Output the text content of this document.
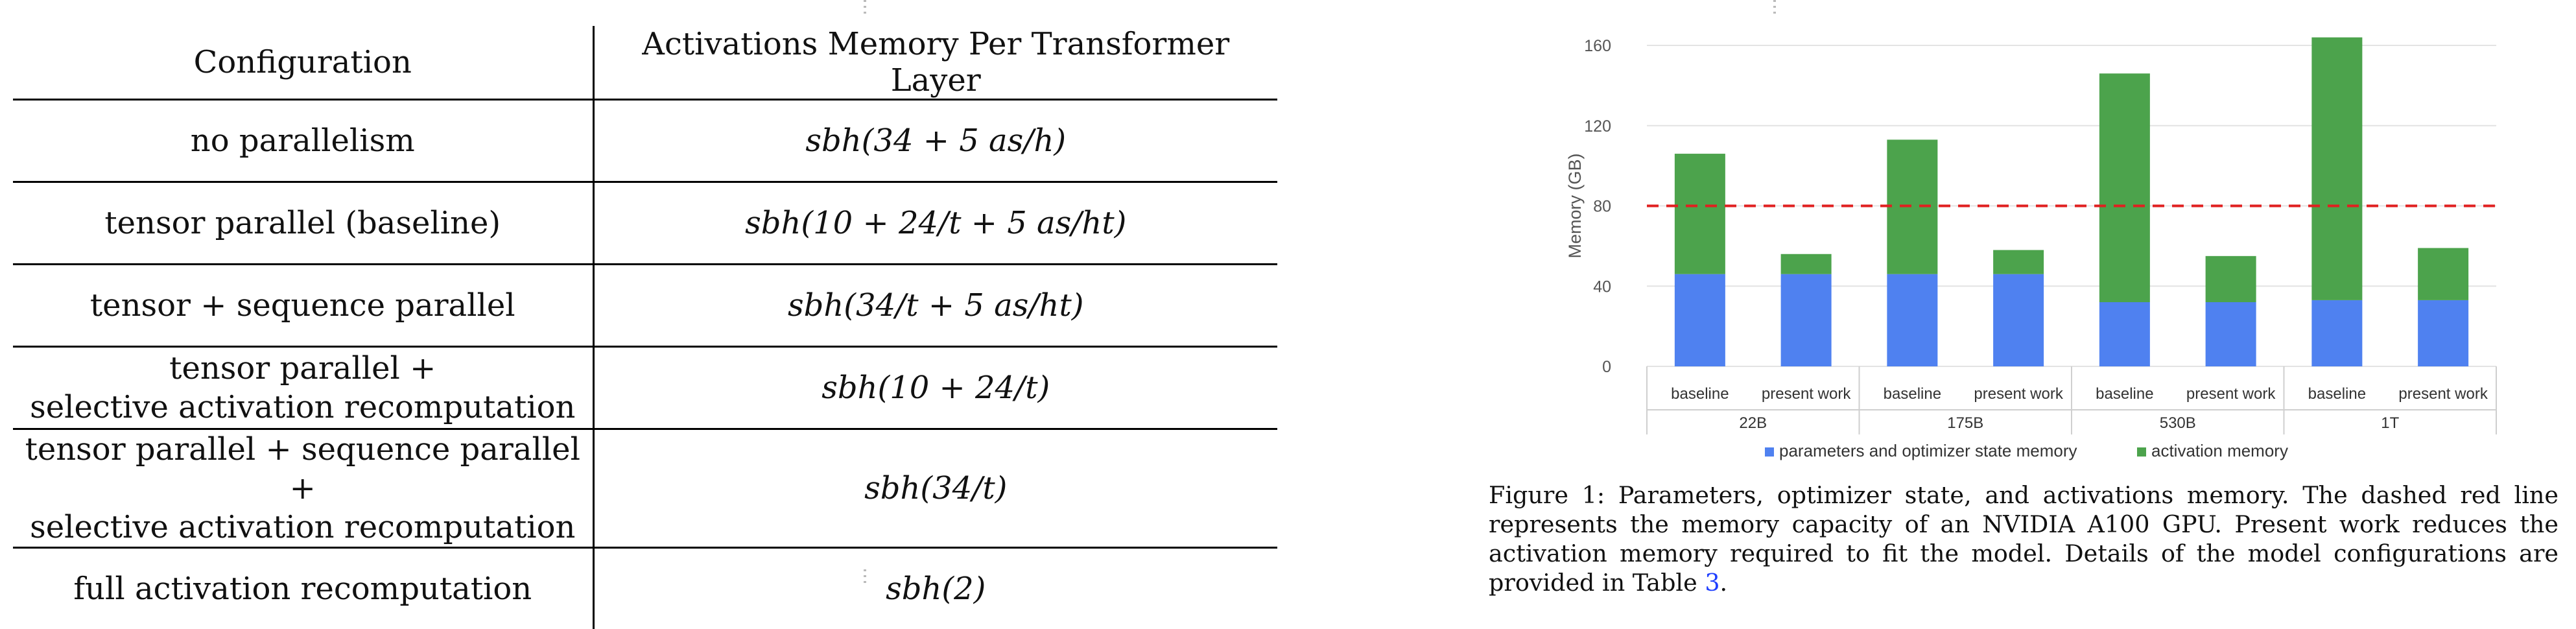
Configuration	Activations Memory Per Transformer Layer

no parallelism	sbh(34 + 5 as/h)

tensor parallel (baseline)	sbh(10 + 24/t + 5 as/ht)

tensor + sequence parallel	sbh(34/t + 5 as/ht)

tensor parallel +
selective activation recomputation	sbh(10 + 24/t)

tensor parallel + sequence parallel +
selective activation recomputation	sbh(34/t)

full activation recomputation	sbh(2)
0
40
80
120
160
Memory (GB)
baseline present work baseline present work baseline present work baseline present work
22B	175B	530B	1T
parameters and optimizer state memory	activation memory
Figure 1: Parameters, optimizer state, and activations memory. The dashed red line represents the memory capacity of an NVIDIA A100 GPU. Present work reduces the activation memory required to fit the model. Details of the model configurations are provided in Table 3.
